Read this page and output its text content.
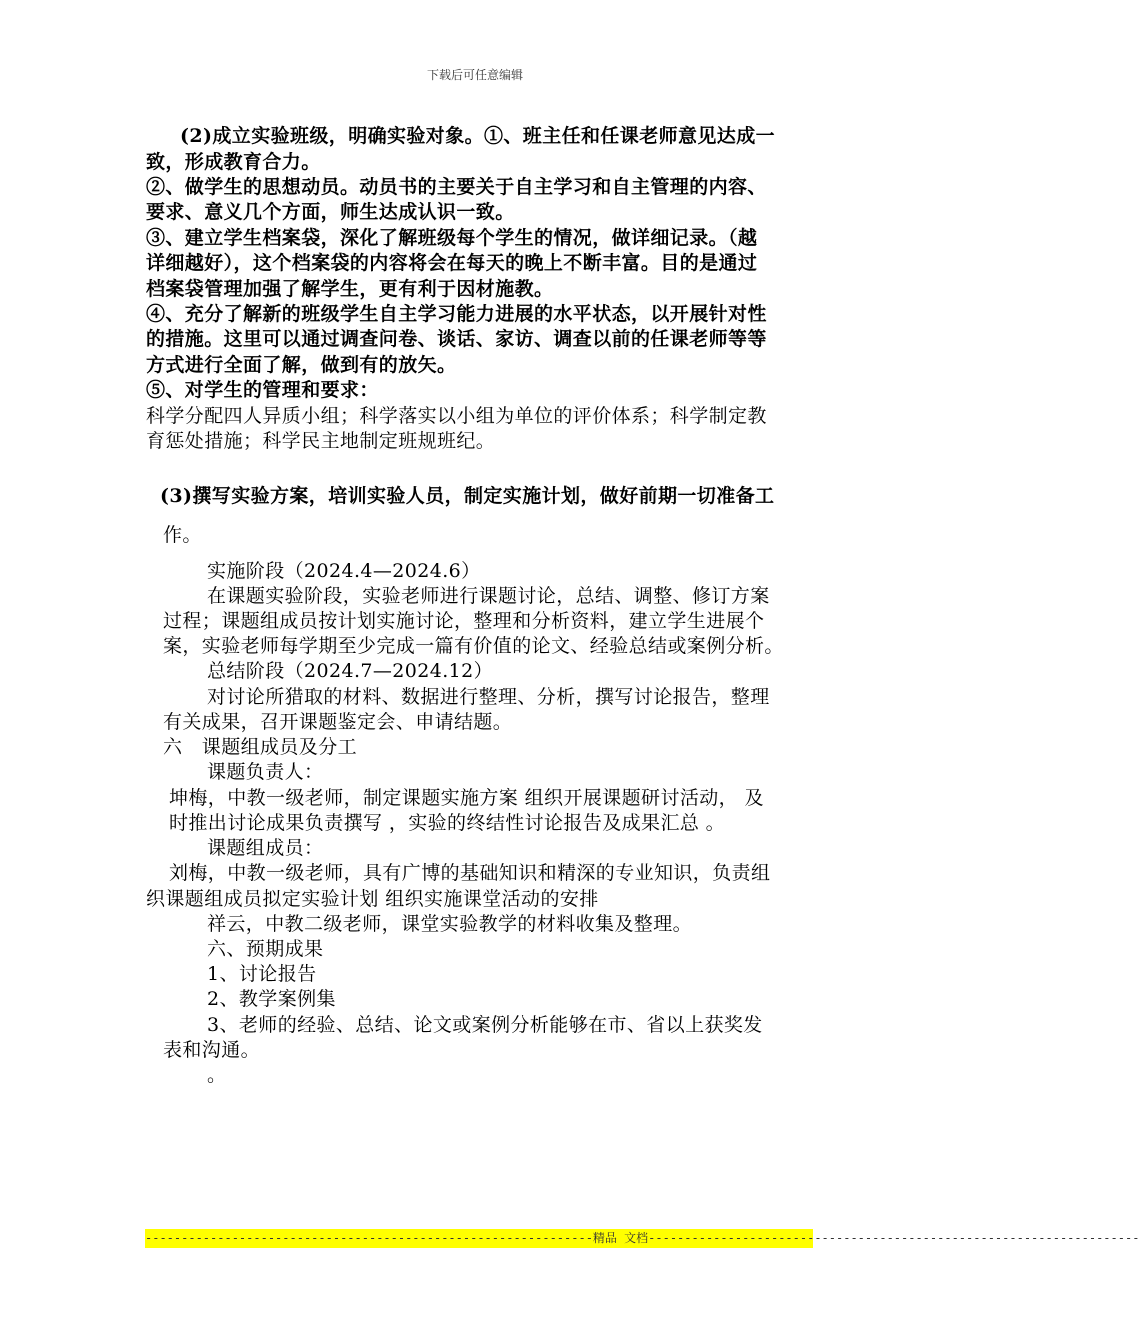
下载后可任意编辑
(2)成立实验班级，明确实验对象。①、班主任和任课老师意见达成一
致，形成教育合力。
②、做学生的思想动员。动员书的主要关于自主学习和自主管理的内容、
要求、意义几个方面，师生达成认识一致。
③、建立学生档案袋，深化了解班级每个学生的情况，做详细记录。（越
详细越好），这个档案袋的内容将会在每天的晚上不断丰富。目的是通过
档案袋管理加强了解学生，更有利于因材施教。
④、充分了解新的班级学生自主学习能力进展的水平状态，以开展针对性
的措施。这里可以通过调查问卷、谈话、家访、调查以前的任课老师等等
方式进行全面了解，做到有的放矢。
⑤、对学生的管理和要求：
科学分配四人异质小组；科学落实以小组为单位的评价体系；科学制定教
育惩处措施；科学民主地制定班规班纪。
(3)撰写实验方案，培训实验人员，制定实施计划，做好前期一切准备工
作。
实施阶段（2024.4—2024.6）
在课题实验阶段，实验老师进行课题讨论，总结、调整、修订方案
过程；课题组成员按计划实施讨论，整理和分析资料，建立学生进展个
案，实验老师每学期至少完成一篇有价值的论文、经验总结或案例分析。
总结阶段（2024.7—2024.12）
对讨论所猎取的材料、数据进行整理、分析，撰写讨论报告，整理
有关成果，召开课题鉴定会、申请结题。
六　课题组成员及分工
课题负责人：
坤梅，中教一级老师，制定课题实施方案 组织开展课题研讨活动， 及
时推出讨论成果负责撰写 ，实验的终结性讨论报告及成果汇总 。
课题组成员：
刘梅，中教一级老师，具有广博的基础知识和精深的专业知识，负责组
织课题组成员拟定实验计划 组织实施课堂活动的安排
祥云，中教二级老师，课堂实验教学的材料收集及整理。
六、预期成果
1、讨论报告
2、教学案例集
3、老师的经验、总结、论文或案例分析能够在市、省以上获奖发
表和沟通。
。
--------------------------------------------------------------精品 文档--------------------------------------------------------------------
